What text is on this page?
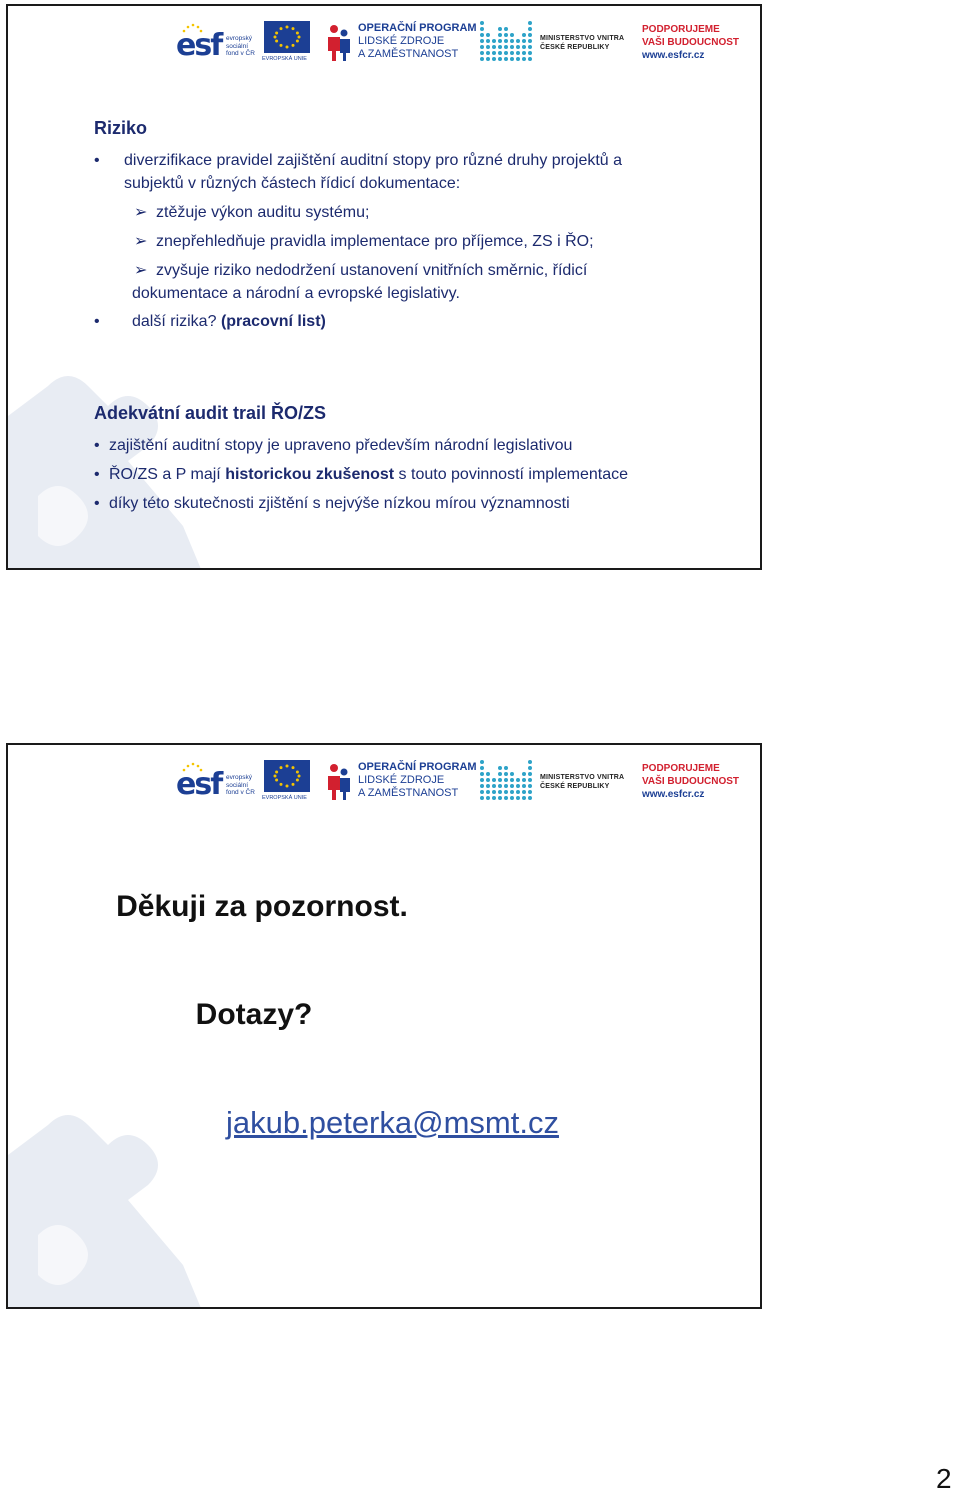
esf evropský
sociální
fond v ČR
EVROPSKÁ UNIE
OPERAČNÍ PROGRAM
LIDSKÉ ZDROJE
A ZAMĚSTNANOST
MINISTERSTVO VNITRA
ČESKÉ REPUBLIKY
PODPORUJEME
VAŠI BUDOUCNOST
www.esfcr.cz
Riziko
• diverzifikace pravidel zajištění auditní stopy pro různé druhy projektů a
subjektů v různých částech řídicí dokumentace:
➢ ztěžuje výkon auditu systému;
➢ znepřehledňuje pravidla implementace pro příjemce, ZS i ŘO;
➢ zvyšuje riziko nedodržení ustanovení vnitřních směrnic, řídicí
dokumentace a národní a evropské legislativy.
• další rizika? (pracovní list)
Adekvátní audit trail ŘO/ZS
• zajištění auditní stopy je upraveno především národní legislativou
• ŘO/ZS a P mají historickou zkušenost s touto povinností implementace
• díky této skutečnosti zjištění s nejvýše nízkou mírou významnosti
esf evropský
sociální
fond v ČR
EVROPSKÁ UNIE
OPERAČNÍ PROGRAM
LIDSKÉ ZDROJE
A ZAMĚSTNANOST
MINISTERSTVO VNITRA
ČESKÉ REPUBLIKY
PODPORUJEME
VAŠI BUDOUCNOST
www.esfcr.cz
Děkuji za pozornost.
Dotazy?
jakub.peterka@msmt.cz
2
